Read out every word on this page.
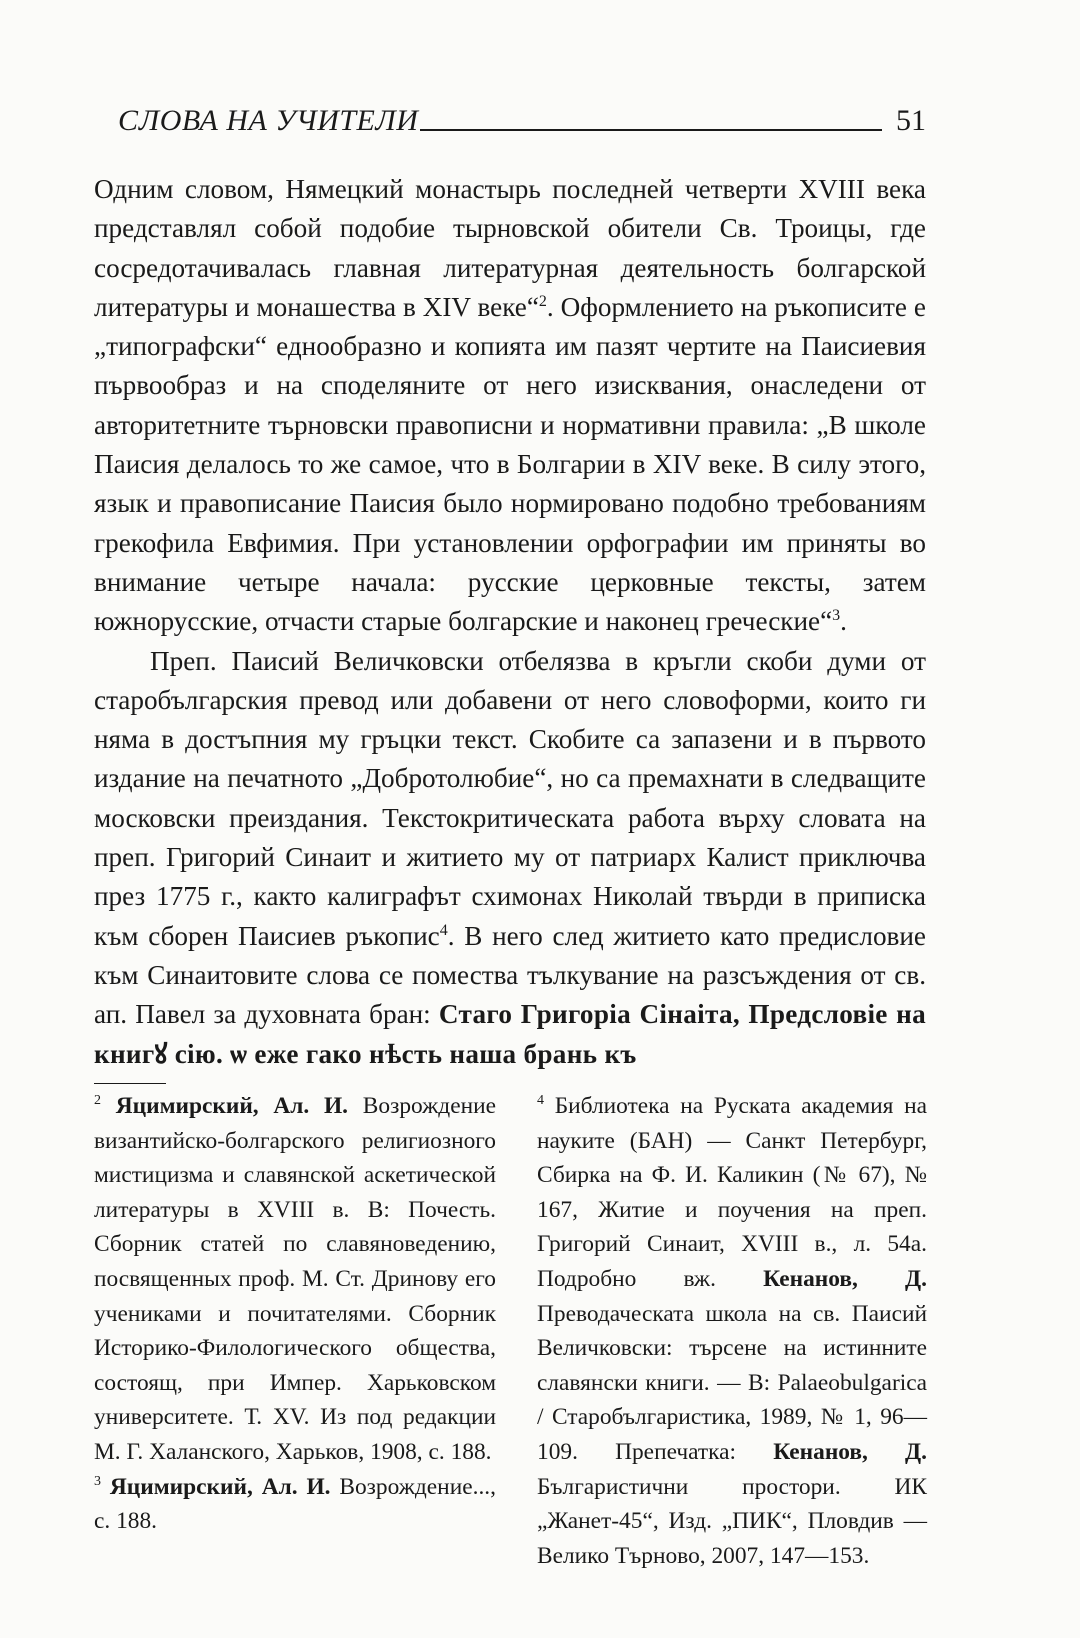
СЛОВА НА УЧИТЕЛИ	51

Одним словом, Нямецкий монастырь последней четверти XVIII века представлял собой подобие тырновской обители Св. Троицы, где сосредотачивалась главная литературная деятельность болгарской литературы и монашества в XIV веке“$^2$. Оформлението на ръкописите е „типографски“ еднообразно и копията им пазят чертите на Паисиевия първообраз и на споделяните от него изисквания, онаследени от авторитетните търновски правописни и нормативни правила: „В школе Паисия делалось то же самое, что в Болгарии в XIV веке. В силу этого, язык и правописание Паисия было нормировано подобно требованиям грекофила Евфимия. При установлении орфографии им приняты во внимание четыре начала: русские церковные тексты, затем южнорусские, отчасти старые болгарские и наконец греческие“$^3$.

Преп. Паисий Величковски отбелязва в кръгли скоби думи от старобългарския превод или добавени от него словоформи, които ги няма в достъпния му гръцки текст. Скобите са запазени и в първото издание на печатното „Добротолюбие“, но са премахнати в следващите московски преиздания. Текстокритическата работа върху словата на преп. Григорий Синаит и житието му от патриарх Калист приключва през 1775 г., както калиграфът схимонах Николай твърди в приписка към сборен Паисиев ръкопис$^4$. В него след житието като предисловие към Синаитовите слова се помества тълкувание на разсъждения от св. ап. Павел за духовната бран: Стаго Григоріа Сінаіта, Предсловіе на книгꙋ сію. ѡ еже гако нѣсть наша брань къ

$^2$ Яцимирский, Ал. И. Возрождение византийско-болгарского религиозного мистицизма и славянской аскетической литературы в XVIII в. В: Почесть. Сборник статей по славяноведению, посвященных проф. М. Ст. Дринову его учениками и почитателями. Сборник Историко-Филологического общества, состоящ, при Импер. Харьковском университете. Т. XV. Из под редакции М. Г. Халанского, Харьков, 1908, с. 188.

$^3$ Яцимирский, Ал. И. Возрождение..., с. 188.

$^4$ Библиотека на Руската академия на науките (БАН) — Санкт Петербург, Сбирка на Ф. И. Каликин (№ 67), № 167, Житие и поучения на преп. Григорий Синаит, XVIII в., л. 54а. Подробно вж. Кенанов, Д. Преводаческата школа на св. Паисий Величковски: търсене на истинните славянски книги. — В: Palaeobulgarica / Старобългаристика, 1989, № 1, 96—109. Препечатка: Кенанов, Д. Българистични простори. ИК „Жанет-45“, Изд. „ПИК“, Пловдив — Велико Търново, 2007, 147—153.
